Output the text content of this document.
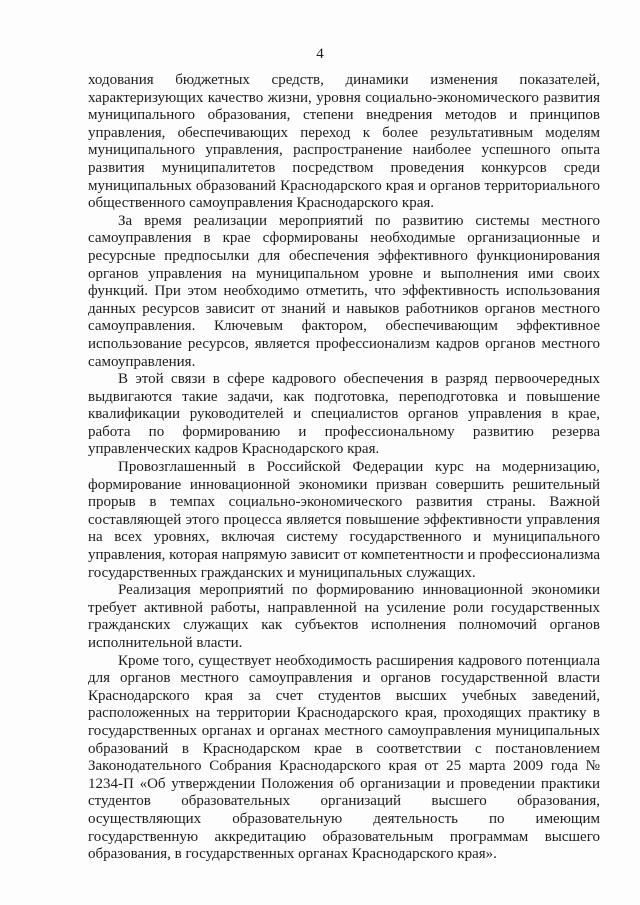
4

ходования бюджетных средств, динамики изменения показателей, характеризующих качество жизни, уровня социально-экономического развития муниципального образования, степени внедрения методов и принципов управления, обеспечивающих переход к более результативным моделям муниципального управления, распространение наиболее успешного опыта развития муниципалитетов посредством проведения конкурсов среди муниципальных образований Краснодарского края и органов территориального общественного самоуправления Краснодарского края.

За время реализации мероприятий по развитию системы местного самоуправления в крае сформированы необходимые организационные и ресурсные предпосылки для обеспечения эффективного функционирования органов управления на муниципальном уровне и выполнения ими своих функций. При этом необходимо отметить, что эффективность использования данных ресурсов зависит от знаний и навыков работников органов местного самоуправления. Ключевым фактором, обеспечивающим эффективное использование ресурсов, является профессионализм кадров органов местного самоуправления.

В этой связи в сфере кадрового обеспечения в разряд первоочередных выдвигаются такие задачи, как подготовка, переподготовка и повышение квалификации руководителей и специалистов органов управления в крае, работа по формированию и профессиональному развитию резерва управленческих кадров Краснодарского края.

Провозглашенный в Российской Федерации курс на модернизацию, формирование инновационной экономики призван совершить решительный прорыв в темпах социально-экономического развития страны. Важной составляющей этого процесса является повышение эффективности управления на всех уровнях, включая систему государственного и муниципального управления, которая напрямую зависит от компетентности и профессионализма государственных гражданских и муниципальных служащих.

Реализация мероприятий по формированию инновационной экономики требует активной работы, направленной на усиление роли государственных гражданских служащих как субъектов исполнения полномочий органов исполнительной власти.

Кроме того, существует необходимость расширения кадрового потенциала для органов местного самоуправления и органов государственной власти Краснодарского края за счет студентов высших учебных заведений, расположенных на территории Краснодарского края, проходящих практику в государственных органах и органах местного самоуправления муниципальных образований в Краснодарском крае в соответствии с постановлением Законодательного Собрания Краснодарского края от 25 марта 2009 года № 1234-П «Об утверждении Положения об организации и проведении практики студентов образовательных организаций высшего образования, осуществляющих образовательную деятельность по имеющим государственную аккредитацию образовательным программам высшего образования, в государственных органах Краснодарского края».
